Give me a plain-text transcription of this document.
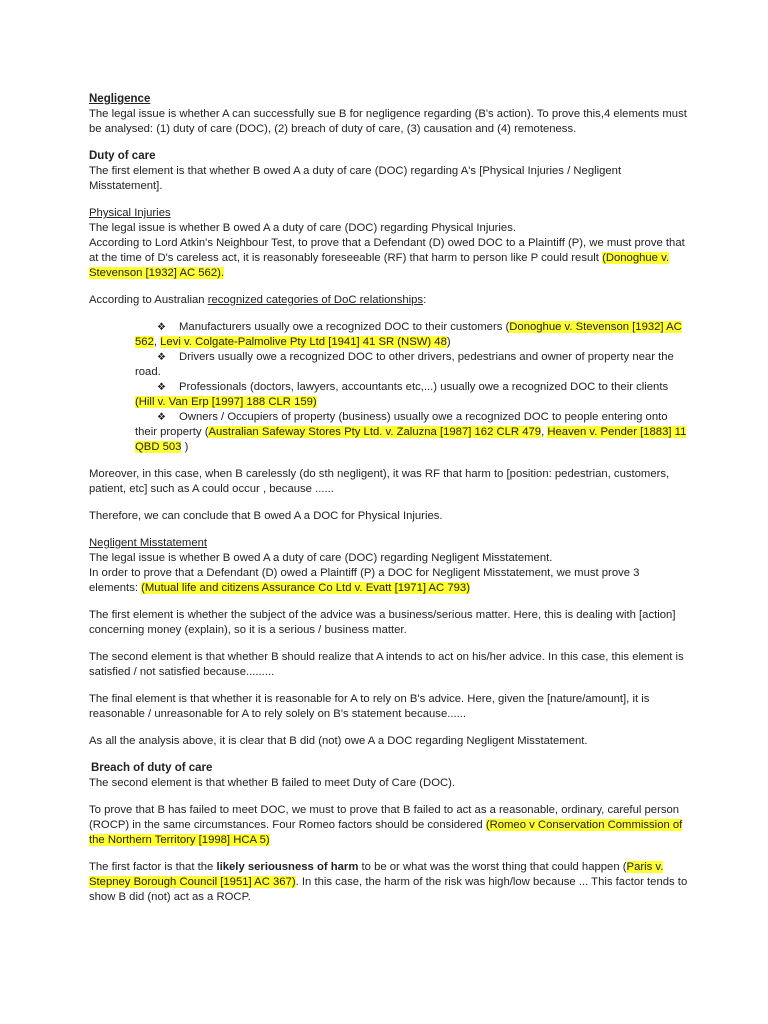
Negligence

The legal issue is whether A can successfully sue B for negligence regarding (B's action). To prove this,4 elements must be analysed: (1) duty of care (DOC), (2) breach of duty of care, (3) causation and (4) remoteness.

Duty of care

The first element is that whether B owed A a duty of care (DOC) regarding A's [Physical Injuries / Negligent Misstatement].

Physical Injuries

The legal issue is whether B owed A a duty of care (DOC) regarding Physical Injuries.

According to Lord Atkin's Neighbour Test, to prove that a Defendant (D) owed DOC to a Plaintiff (P), we must prove that at the time of D's careless act, it is reasonably foreseeable (RF) that harm to person like P could result (Donoghue v. Stevenson [1932] AC 562).

According to Australian recognized categories of DoC relationships:

❖ Manufacturers usually owe a recognized DOC to their customers (Donoghue v. Stevenson [1932] AC 562, Levi v. Colgate-Palmolive Pty Ltd [1941] 41 SR (NSW) 48)

❖ Drivers usually owe a recognized DOC to other drivers, pedestrians and owner of property near the road.

❖ Professionals (doctors, lawyers, accountants etc,...) usually owe a recognized DOC to their clients (Hill v. Van Erp [1997] 188 CLR 159)

❖ Owners / Occupiers of property (business) usually owe a recognized DOC to people entering onto their property (Australian Safeway Stores Pty Ltd. v. Zaluzna [1987] 162 CLR 479, Heaven v. Pender [1883] 11 QBD 503 )

Moreover, in this case, when B carelessly (do sth negligent), it was RF that harm to [position: pedestrian, customers, patient, etc] such as A could occur , because ......

Therefore, we can conclude that B owed A a DOC for Physical Injuries.

Negligent Misstatement

The legal issue is whether B owed A a duty of care (DOC) regarding Negligent Misstatement.

In order to prove that a Defendant (D) owed a Plaintiff (P) a DOC for Negligent Misstatement, we must prove 3 elements: (Mutual life and citizens Assurance Co Ltd v. Evatt [1971] AC 793)

The first element is whether the subject of the advice was a business/serious matter. Here, this is dealing with [action] concerning money (explain), so it is a serious / business matter.

The second element is that whether B should realize that A intends to act on his/her advice. In this case, this element is satisfied / not satisfied because.........

The final element is that whether it is reasonable for A to rely on B's advice. Here, given the [nature/amount], it is reasonable / unreasonable for A to rely solely on B's statement because......

As all the analysis above, it is clear that B did (not) owe A a DOC regarding Negligent Misstatement.

Breach of duty of care

The second element is that whether B failed to meet Duty of Care (DOC).

To prove that B has failed to meet DOC, we must to prove that B failed to act as a reasonable, ordinary, careful person (ROCP) in the same circumstances. Four Romeo factors should be considered (Romeo v Conservation Commission of the Northern Territory [1998] HCA 5)

The first factor is that the likely seriousness of harm to be or what was the worst thing that could happen (Paris v. Stepney Borough Council [1951] AC 367). In this case, the harm of the risk was high/low because ... This factor tends to show B did (not) act as a ROCP.
